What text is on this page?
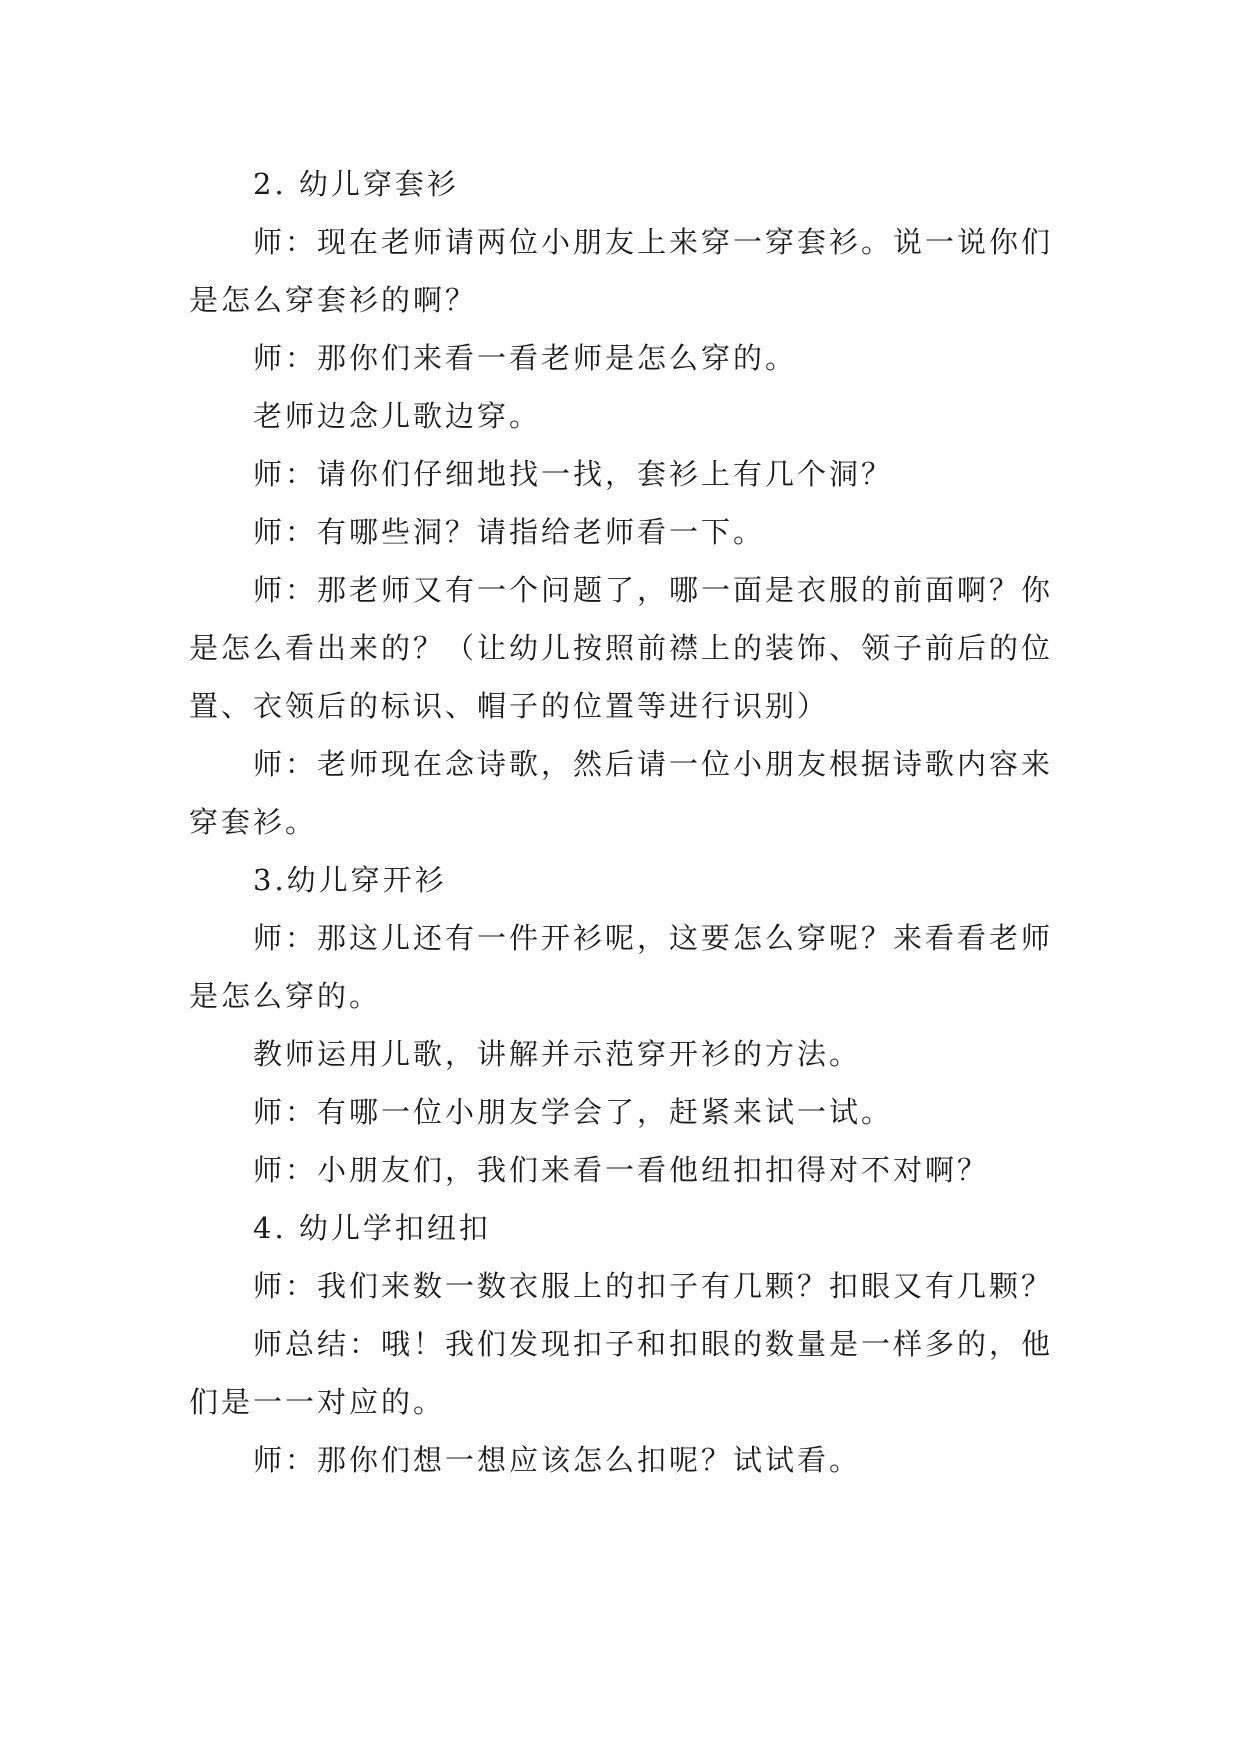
2. 幼儿穿套衫

师：现在老师请两位小朋友上来穿一穿套衫。说一说你们是怎么穿套衫的啊？

师：那你们来看一看老师是怎么穿的。

老师边念儿歌边穿。

师：请你们仔细地找一找，套衫上有几个洞？

师：有哪些洞？请指给老师看一下。

师：那老师又有一个问题了，哪一面是衣服的前面啊？你是怎么看出来的？（让幼儿按照前襟上的装饰、领子前后的位置、衣领后的标识、帽子的位置等进行识别）

师：老师现在念诗歌，然后请一位小朋友根据诗歌内容来穿套衫。

3.幼儿穿开衫

师：那这儿还有一件开衫呢，这要怎么穿呢？来看看老师是怎么穿的。

教师运用儿歌，讲解并示范穿开衫的方法。

师：有哪一位小朋友学会了，赶紧来试一试。

师：小朋友们，我们来看一看他纽扣扣得对不对啊？

4. 幼儿学扣纽扣

师：我们来数一数衣服上的扣子有几颗？扣眼又有几颗？

师总结：哦！我们发现扣子和扣眼的数量是一样多的，他们是一一对应的。

师：那你们想一想应该怎么扣呢？试试看。
